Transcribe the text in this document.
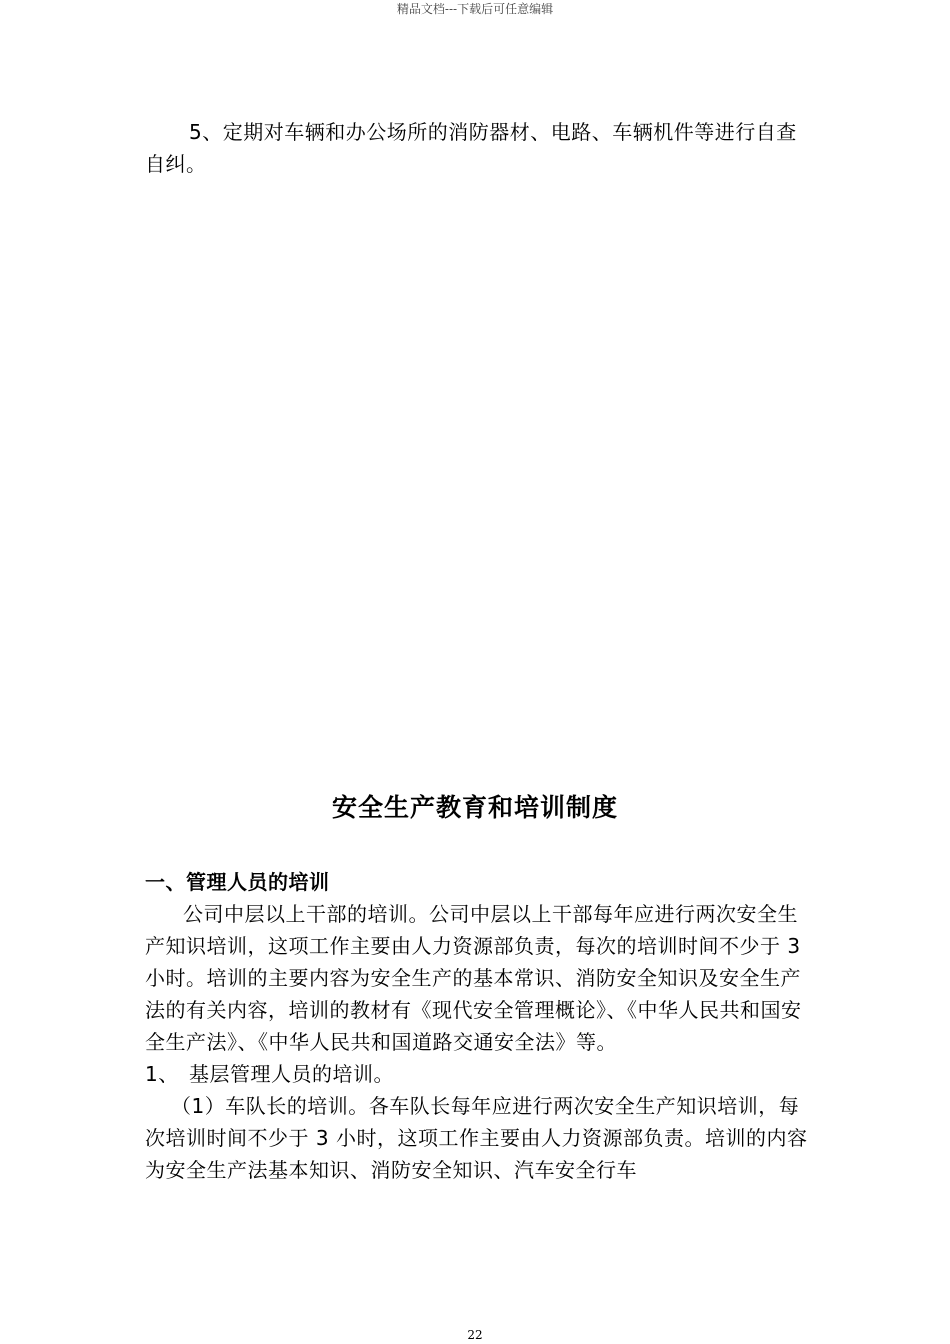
精品文档---下载后可任意编辑

5、定期对车辆和办公场所的消防器材、电路、车辆机件等进行自查自纠。

安全生产教育和培训制度

一、管理人员的培训

公司中层以上干部的培训。公司中层以上干部每年应进行两次安全生产知识培训，这项工作主要由人力资源部负责，每次的培训时间不少于 3 小时。培训的主要内容为安全生产的基本常识、消防安全知识及安全生产法的有关内容，培训的教材有《现代安全管理概论》、《中华人民共和国安全生产法》、《中华人民共和国道路交通安全法》等。

1、 基层管理人员的培训。

（1）车队长的培训。各车队长每年应进行两次安全生产知识培训，每次培训时间不少于 3 小时，这项工作主要由人力资源部负责。培训的内容为安全生产法基本知识、消防安全知识、汽车安全行车

22
